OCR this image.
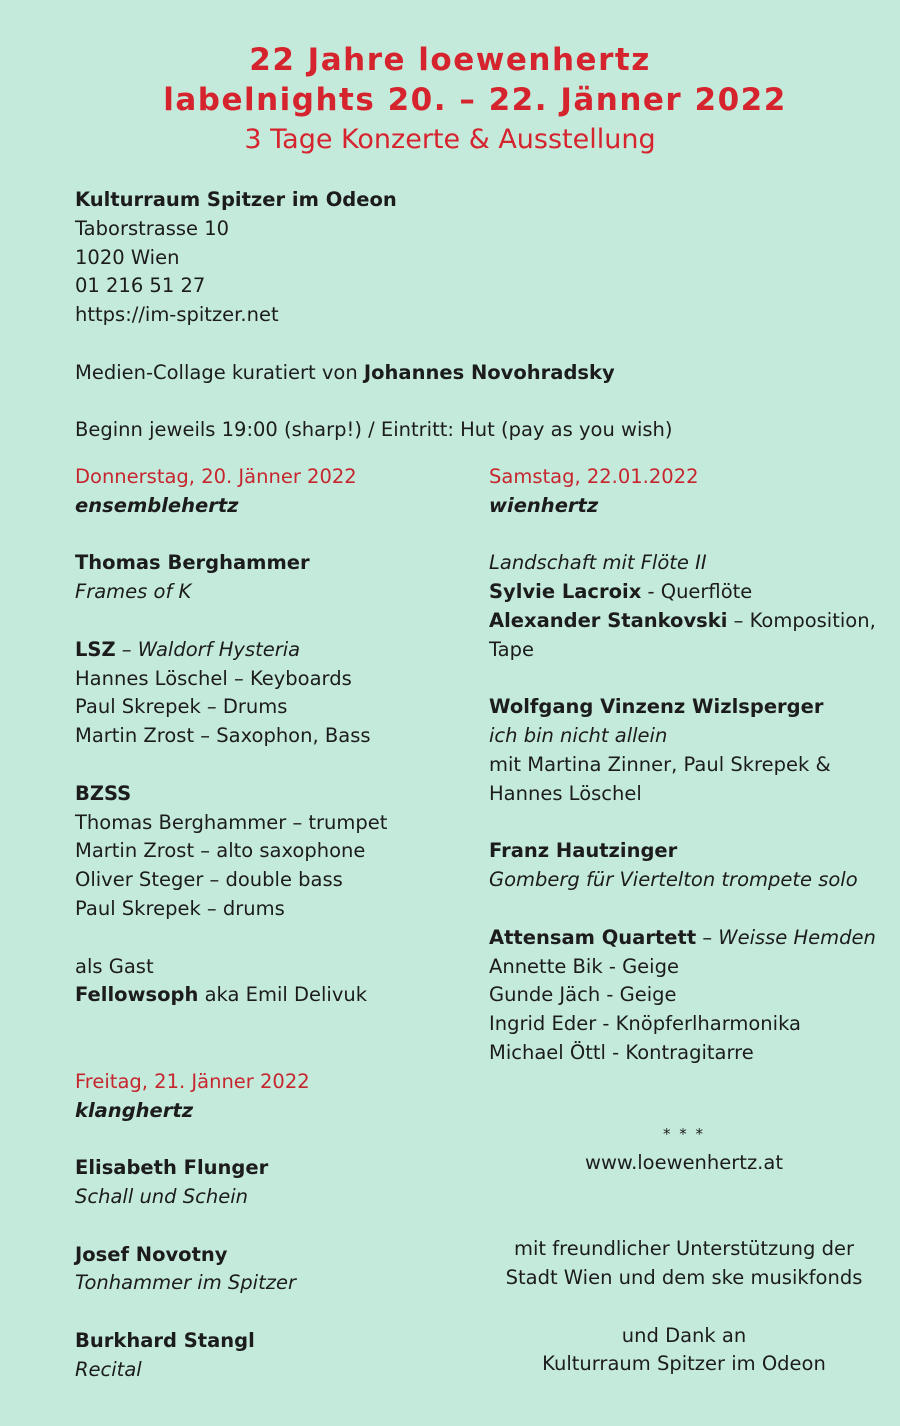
22 Jahre loewenhertz
labelnights 20. – 22. Jänner 2022
3 Tage Konzerte & Ausstellung
Kulturraum Spitzer im Odeon
Taborstrasse 10
1020 Wien
01 216 51 27
https://im-spitzer.net
Medien-Collage kuratiert von Johannes Novohradsky
Beginn jeweils 19:00 (sharp!) / Eintritt: Hut (pay as you wish)
Donnerstag, 20. Jänner 2022
ensemblehertz
Thomas Berghammer
Frames of K
LSZ – Waldorf Hysteria
Hannes Löschel – Keyboards
Paul Skrepek – Drums
Martin Zrost – Saxophon, Bass
BZSS
Thomas Berghammer – trumpet
Martin Zrost – alto saxophone
Oliver Steger – double bass
Paul Skrepek – drums
als Gast
Fellowsoph aka Emil Delivuk
Freitag, 21. Jänner 2022
klanghertz
Elisabeth Flunger
Schall und Schein
Josef Novotny
Tonhammer im Spitzer
Burkhard Stangl
Recital
Samstag, 22.01.2022
wienhertz
Landschaft mit Flöte II
Sylvie Lacroix - Querflöte
Alexander Stankovski – Komposition,
Tape
Wolfgang Vinzenz Wizlsperger
ich bin nicht allein
mit Martina Zinner, Paul Skrepek &
Hannes Löschel
Franz Hautzinger
Gomberg für Viertelton trompete solo
Attensam Quartett – Weisse Hemden
Annette Bik - Geige
Gunde Jäch - Geige
Ingrid Eder - Knöpferlharmonika
Michael Öttl - Kontragitarre
* * *
www.loewenhertz.at
mit freundlicher Unterstützung der
Stadt Wien und dem ske musikfonds
und Dank an
Kulturraum Spitzer im Odeon
